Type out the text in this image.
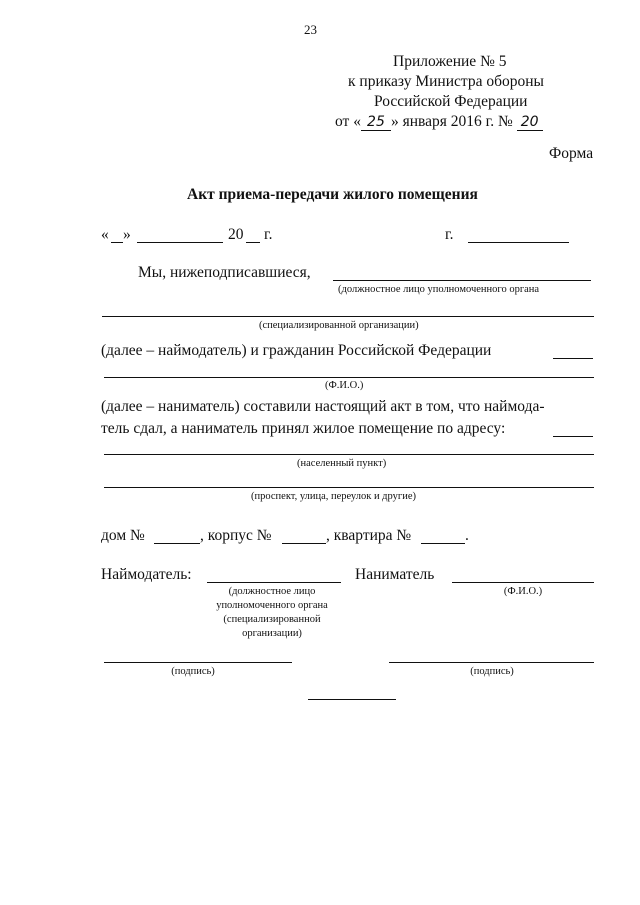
23
Приложение № 5
к приказу Министра обороны
Российской Федерации
от « 25 » января 2016 г. № 20
Форма
Акт приема-передачи жилого помещения
« »	20 г.	г.
Мы, нижеподписавшиеся,
(должностное лицо уполномоченного органа
(специализированной организации)
(далее – наймодатель) и гражданин Российской Федерации
(Ф.И.О.)
(далее – наниматель) составили настоящий акт в том, что наймода-
тель сдал, а наниматель принял жилое помещение по адресу:
(населенный пункт)
(проспект, улица, переулок и другие)
дом №	, корпус №	, квартира №	.
Наймодатель:
(должностное лицо
уполномоченного органа
(специализированной
организации)
Наниматель
(Ф.И.О.)
(подпись)	(подпись)
